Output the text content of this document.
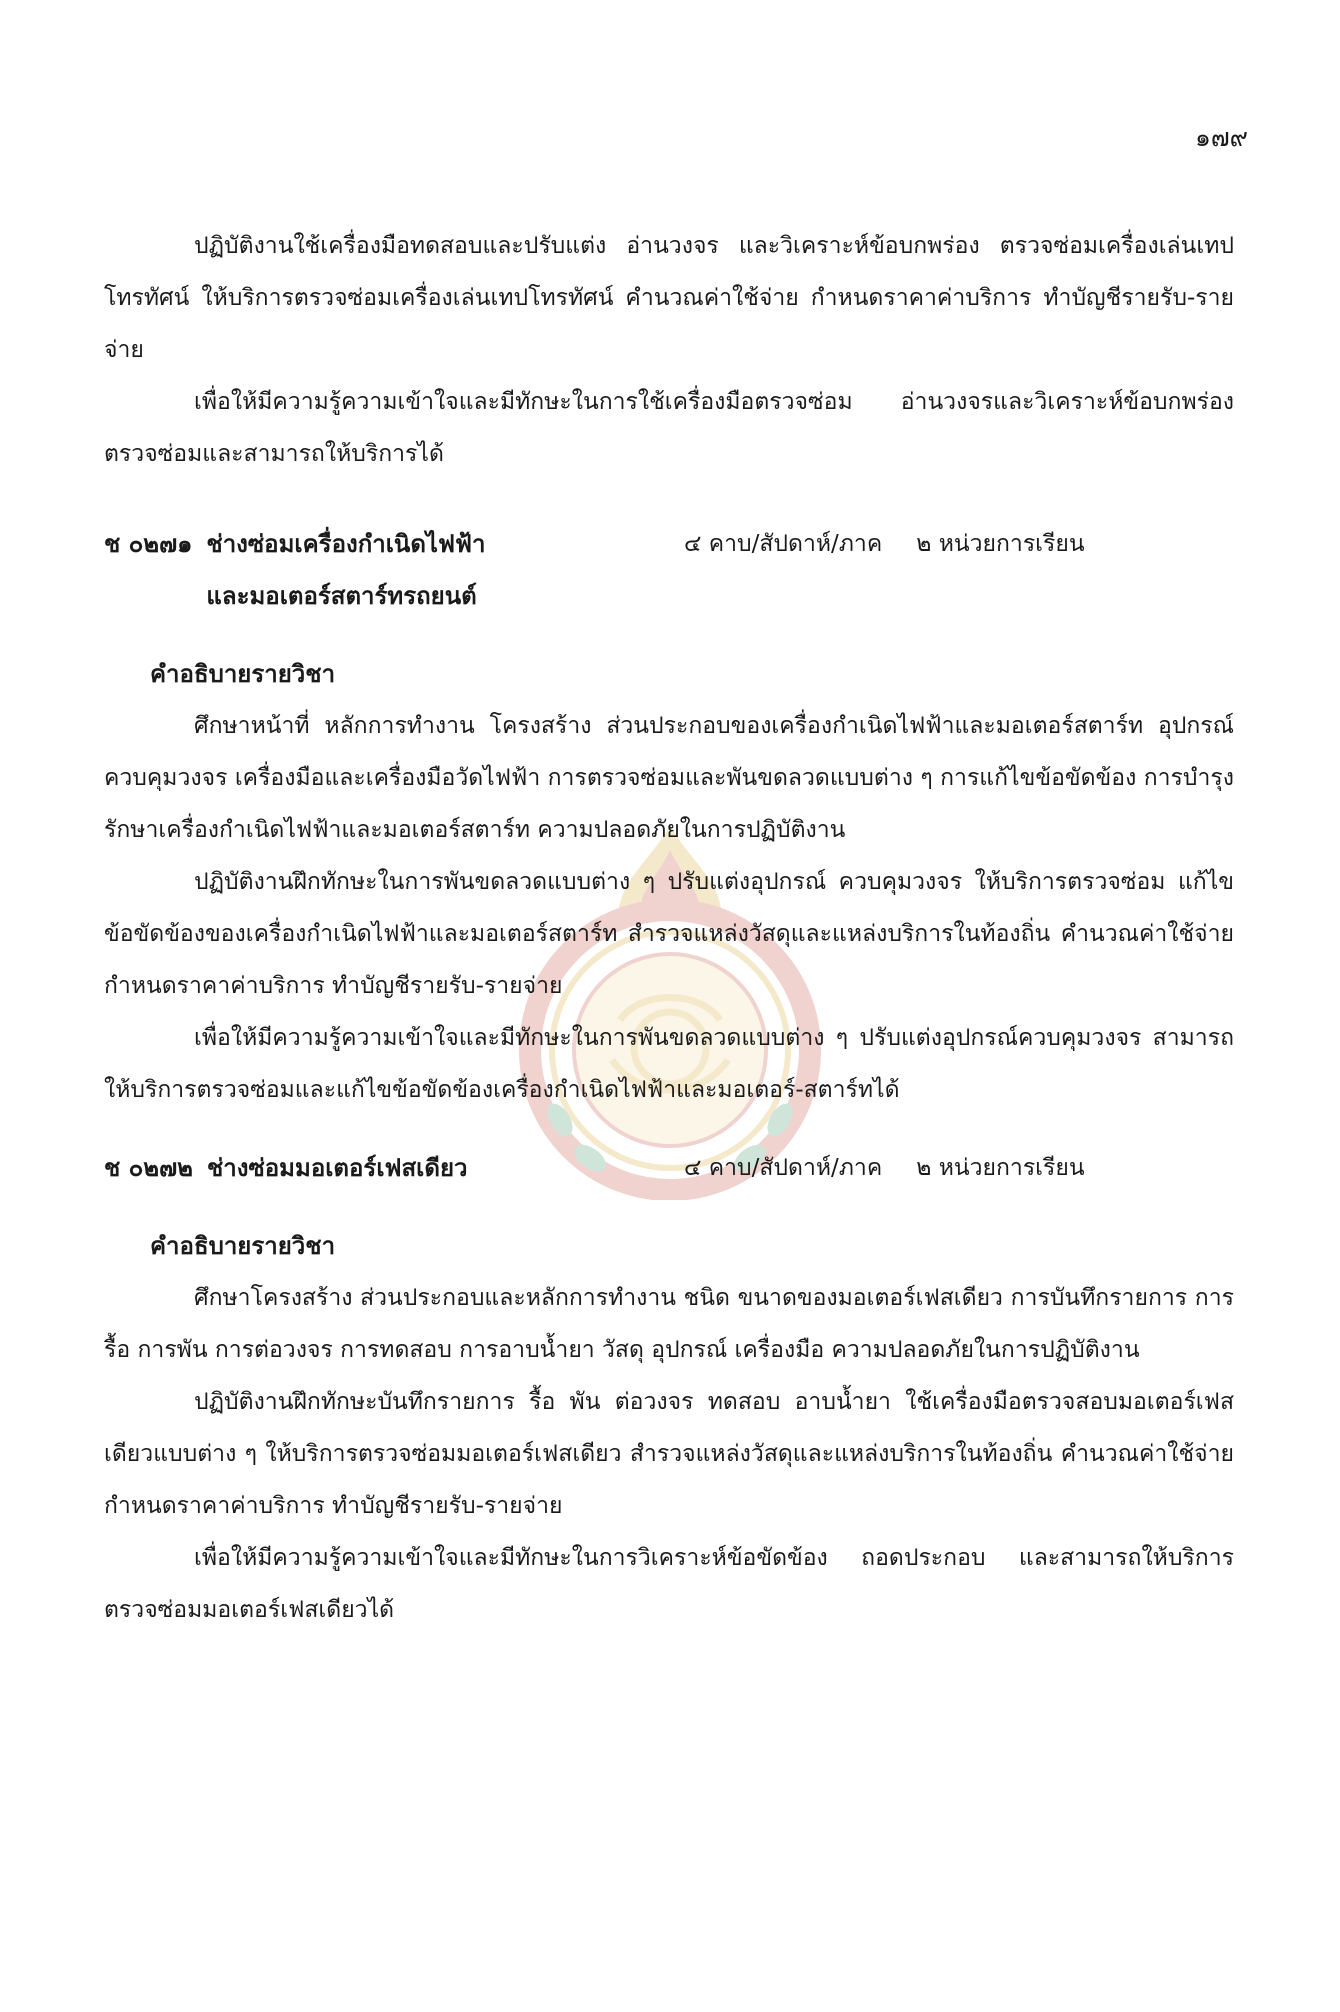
๑๗๙

ปฏิบัติงานใช้เครื่องมือทดสอบและปรับแต่ง อ่านวงจร และวิเคราะห์ข้อบกพร่อง ตรวจซ่อมเครื่องเล่นเทปโทรทัศน์ ให้บริการตรวจซ่อมเครื่องเล่นเทปโทรทัศน์ คำนวณค่าใช้จ่าย กำหนดราคาค่าบริการ ทำบัญชีรายรับ-รายจ่าย

เพื่อให้มีความรู้ความเข้าใจและมีทักษะในการใช้เครื่องมือตรวจซ่อม อ่านวงจรและวิเคราะห์ข้อบกพร่อง ตรวจซ่อมและสามารถให้บริการได้

ช ๐๒๗๑ ช่างซ่อมเครื่องกำเนิดไฟฟ้า
และมอเตอร์สตาร์ทรถยนต์
๔ คาบ/สัปดาห์/ภาค ๒ หน่วยการเรียน

คำอธิบายรายวิชา

ศึกษาหน้าที่ หลักการทำงาน โครงสร้าง ส่วนประกอบของเครื่องกำเนิดไฟฟ้าและมอเตอร์สตาร์ท อุปกรณ์ควบคุมวงจร เครื่องมือและเครื่องมือวัดไฟฟ้า การตรวจซ่อมและพันขดลวดแบบต่าง ๆ การแก้ไขข้อขัดข้อง การบำรุงรักษาเครื่องกำเนิดไฟฟ้าและมอเตอร์สตาร์ท ความปลอดภัยในการปฏิบัติงาน

ปฏิบัติงานฝึกทักษะในการพันขดลวดแบบต่าง ๆ ปรับแต่งอุปกรณ์ ควบคุมวงจร ให้บริการตรวจซ่อม แก้ไขข้อขัดข้องของเครื่องกำเนิดไฟฟ้าและมอเตอร์สตาร์ท สำรวจแหล่งวัสดุและแหล่งบริการในท้องถิ่น คำนวณค่าใช้จ่าย กำหนดราคาค่าบริการ ทำบัญชีรายรับ-รายจ่าย

เพื่อให้มีความรู้ความเข้าใจและมีทักษะในการพันขดลวดแบบต่าง ๆ ปรับแต่งอุปกรณ์ควบคุมวงจร สามารถให้บริการตรวจซ่อมและแก้ไขข้อขัดข้องเครื่องกำเนิดไฟฟ้าและมอเตอร์-สตาร์ทได้

ช ๐๒๗๒ ช่างซ่อมมอเตอร์เฟสเดียว	๔ คาบ/สัปดาห์/ภาค ๒ หน่วยการเรียน

คำอธิบายรายวิชา

ศึกษาโครงสร้าง ส่วนประกอบและหลักการทำงาน ชนิด ขนาดของมอเตอร์เฟสเดียว การบันทึกรายการ การรื้อ การพัน การต่อวงจร การทดสอบ การอาบน้ำยา วัสดุ อุปกรณ์ เครื่องมือ ความปลอดภัยในการปฏิบัติงาน

ปฏิบัติงานฝึกทักษะบันทึกรายการ รื้อ พัน ต่อวงจร ทดสอบ อาบน้ำยา ใช้เครื่องมือตรวจสอบมอเตอร์เฟสเดียวแบบต่าง ๆ ให้บริการตรวจซ่อมมอเตอร์เฟสเดียว สำรวจแหล่งวัสดุและแหล่งบริการในท้องถิ่น คำนวณค่าใช้จ่าย กำหนดราคาค่าบริการ ทำบัญชีรายรับ-รายจ่าย

เพื่อให้มีความรู้ความเข้าใจและมีทักษะในการวิเคราะห์ข้อขัดข้อง ถอดประกอบ และสามารถให้บริการตรวจซ่อมมอเตอร์เฟสเดียวได้
